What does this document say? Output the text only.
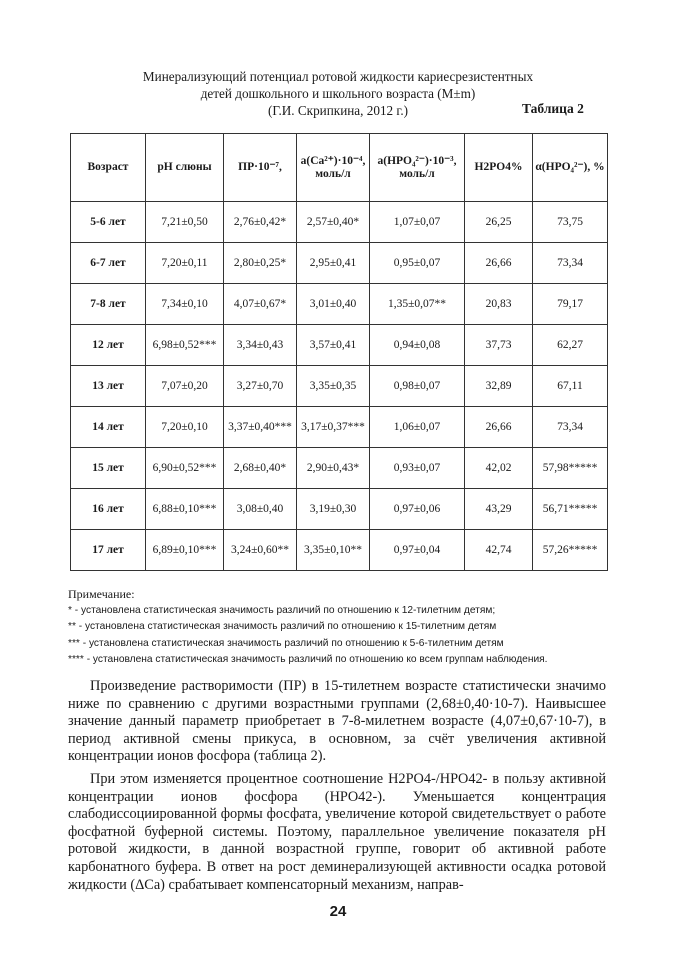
Минерализующий потенциал ротовой жидкости кариесрезистентных
детей дошкольного и школьного возраста (M±m)
(Г.И. Скрипкина, 2012 г.)	Таблица 2
Возраст	pH слюны	ПР·10⁻⁷,	a(Ca²⁺)·10⁻⁴, моль/л	a(HPO₄²⁻)·10⁻³, моль/л	H2PO4%	α(HPO₄²⁻), %
5-6 лет	7,21±0,50	2,76±0,42*	2,57±0,40*	1,07±0,07	26,25	73,75
6-7 лет	7,20±0,11	2,80±0,25*	2,95±0,41	0,95±0,07	26,66	73,34
7-8 лет	7,34±0,10	4,07±0,67*	3,01±0,40	1,35±0,07**	20,83	79,17
12 лет	6,98±0,52***	3,34±0,43	3,57±0,41	0,94±0,08	37,73	62,27
13 лет	7,07±0,20	3,27±0,70	3,35±0,35	0,98±0,07	32,89	67,11
14 лет	7,20±0,10	3,37±0,40***	3,17±0,37***	1,06±0,07	26,66	73,34
15 лет	6,90±0,52***	2,68±0,40*	2,90±0,43*	0,93±0,07	42,02	57,98*****
16 лет	6,88±0,10***	3,08±0,40	3,19±0,30	0,97±0,06	43,29	56,71*****
17 лет	6,89±0,10***	3,24±0,60**	3,35±0,10**	0,97±0,04	42,74	57,26*****
Примечание:
* - установлена статистическая значимость различий по отношению к 12-тилетним детям;
** - установлена статистическая значимость различий по отношению к 15-тилетним детям
*** - установлена статистическая значимость различий по отношению к 5-6-тилетним детям
**** - установлена статистическая значимость различий по отношению ко всем группам наблюдения.

Произведение растворимости (ПР) в 15-тилетнем возрасте статистически значимо ниже по сравнению с другими возрастными группами (2,68±0,40·10-7). Наивысшее значение данный параметр приобретает в 7-8-милетнем возрасте (4,07±0,67·10-7), в период активной смены прикуса, в основном, за счёт увеличения активной концентрации ионов фосфора (таблица 2).

При этом изменяется процентное соотношение H2PO4-/HPO42- в пользу активной концентрации ионов фосфора (HPO42-). Уменьшается концентрация слабодиссоциированной формы фосфата, увеличение которой свидетельствует о работе фосфатной буферной системы. Поэтому, параллельное увеличение показателя pH ротовой жидкости, в данной возрастной группе, говорит об активной работе карбонатного буфера. В ответ на рост деминерализующей активности осадка ротовой жидкости (ΔCa) срабатывает компенсаторный механизм, направ-

24
